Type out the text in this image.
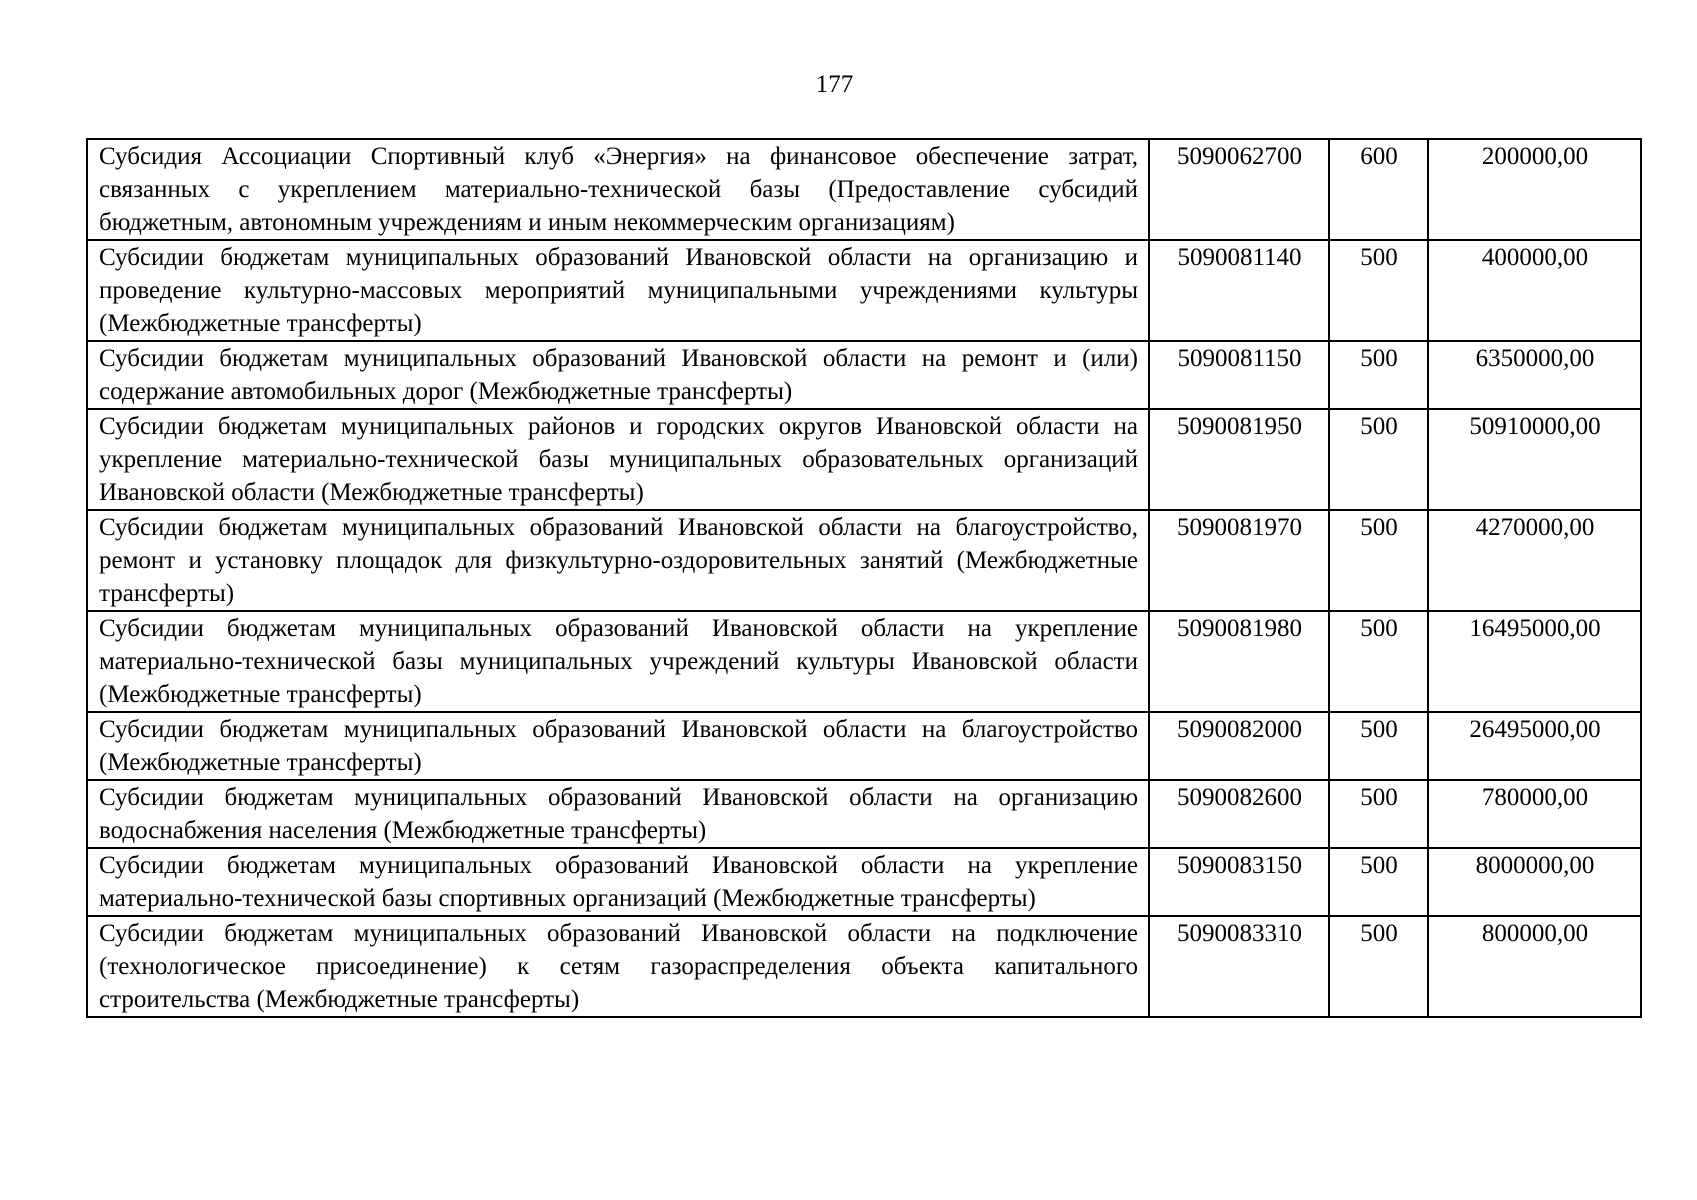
177
Субсидия Ассоциации Спортивный клуб «Энергия» на финансовое обеспечение затрат, связанных с укреплением материально-технической базы (Предоставление субсидий бюджетным, автономным учреждениям и иным некоммерческим организациям)	5090062700	600	200000,00
Субсидии бюджетам муниципальных образований Ивановской области на организацию и проведение культурно-массовых мероприятий муниципальными учреждениями культуры (Межбюджетные трансферты)	5090081140	500	400000,00
Субсидии бюджетам муниципальных образований Ивановской области на ремонт и (или) содержание автомобильных дорог (Межбюджетные трансферты)	5090081150	500	6350000,00
Субсидии бюджетам муниципальных районов и городских округов Ивановской области на укрепление материально-технической базы муниципальных образовательных организаций Ивановской области (Межбюджетные трансферты)	5090081950	500	50910000,00
Субсидии бюджетам муниципальных образований Ивановской области на благоустройство, ремонт и установку площадок для физкультурно-оздоровительных занятий (Межбюджетные трансферты)	5090081970	500	4270000,00
Субсидии бюджетам муниципальных образований Ивановской области на укрепление материально-технической базы муниципальных учреждений культуры Ивановской области (Межбюджетные трансферты)	5090081980	500	16495000,00
Субсидии бюджетам муниципальных образований Ивановской области на благоустройство (Межбюджетные трансферты)	5090082000	500	26495000,00
Субсидии бюджетам муниципальных образований Ивановской области на организацию водоснабжения населения (Межбюджетные трансферты)	5090082600	500	780000,00
Субсидии бюджетам муниципальных образований Ивановской области на укрепление материально-технической базы спортивных организаций (Межбюджетные трансферты)	5090083150	500	8000000,00
Субсидии бюджетам муниципальных образований Ивановской области на подключение (технологическое присоединение) к сетям газораспределения объекта капитального строительства (Межбюджетные трансферты)	5090083310	500	800000,00
